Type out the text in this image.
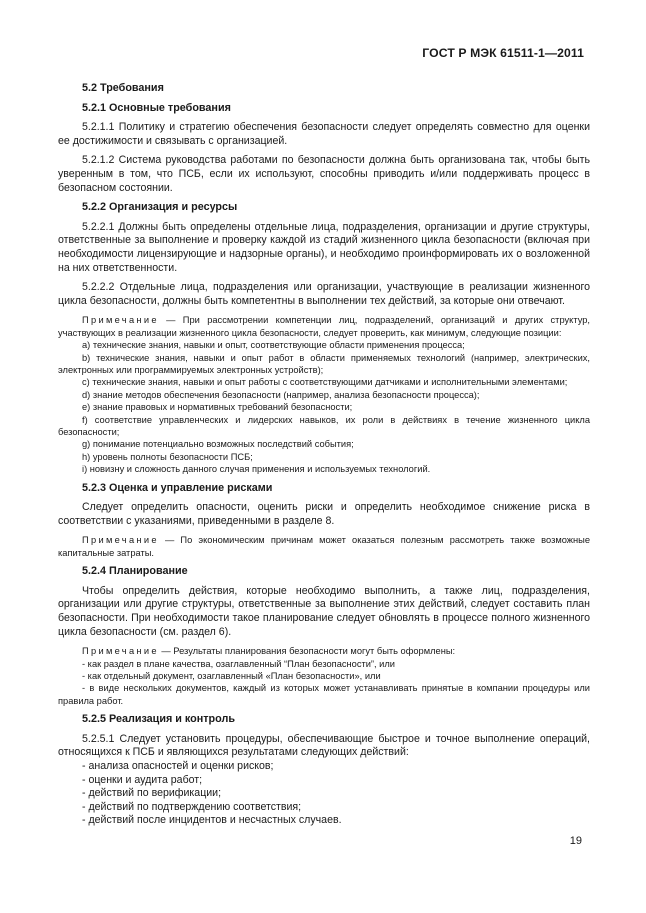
ГОСТ Р МЭК 61511-1—2011
5.2 Требования
5.2.1 Основные требования

5.2.1.1 Политику и стратегию обеспечения безопасности следует определять совместно для оценки ее достижимости и связывать с организацией.

5.2.1.2 Система руководства работами по безопасности должна быть организована так, чтобы быть уверенным в том, что ПСБ, если их используют, способны приводить и/или поддерживать процесс в безопасном состоянии.

5.2.2 Организация и ресурсы

5.2.2.1 Должны быть определены отдельные лица, подразделения, организации и другие структуры, ответственные за выполнение и проверку каждой из стадий жизненного цикла безопасности (включая при необходимости лицензирующие и надзорные органы), и необходимо проинформировать их о возложенной на них ответственности.

5.2.2.2 Отдельные лица, подразделения или организации, участвующие в реализации жизненного цикла безопасности, должны быть компетентны в выполнении тех действий, за которые они отвечают.

Примечание — При рассмотрении компетенции лиц, подразделений, организаций и других структур, участвующих в реализации жизненного цикла безопасности, следует проверить, как минимум, следующие позиции:

a) технические знания, навыки и опыт, соответствующие области применения процесса;

b) технические знания, навыки и опыт работ в области применяемых технологий (например, электрических, электронных или программируемых электронных устройств);

c) технические знания, навыки и опыт работы с соответствующими датчиками и исполнительными элементами;

d) знание методов обеспечения безопасности (например, анализа безопасности процесса);

e) знание правовых и нормативных требований безопасности;

f) соответствие управленческих и лидерских навыков, их роли в действиях в течение жизненного цикла безопасности;

g) понимание потенциально возможных последствий события;

h) уровень полноты безопасности ПСБ;

i) новизну и сложность данного случая применения и используемых технологий.

5.2.3 Оценка и управление рисками

Следует определить опасности, оценить риски и определить необходимое снижение риска в соответствии с указаниями, приведенными в разделе 8.

Примечание — По экономическим причинам может оказаться полезным рассмотреть также возможные капитальные затраты.

5.2.4 Планирование

Чтобы определить действия, которые необходимо выполнить, а также лиц, подразделения, организации или другие структуры, ответственные за выполнение этих действий, следует составить план безопасности. При необходимости такое планирование следует обновлять в процессе полного жизненного цикла безопасности (см. раздел 6).

Примечание — Результаты планирования безопасности могут быть оформлены:

- как раздел в плане качества, озаглавленный “План безопасности”, или

- как отдельный документ, озаглавленный «План безопасности», или

- в виде нескольких документов, каждый из которых может устанавливать принятые в компании процедуры или правила работ.

5.2.5 Реализация и контроль

5.2.5.1 Следует установить процедуры, обеспечивающие быстрое и точное выполнение операций, относящихся к ПСБ и являющихся результатами следующих действий:

- анализа опасностей и оценки рисков;

- оценки и аудита работ;

- действий по верификации;

- действий по подтверждению соответствия;

- действий после инцидентов и несчастных случаев.

19
